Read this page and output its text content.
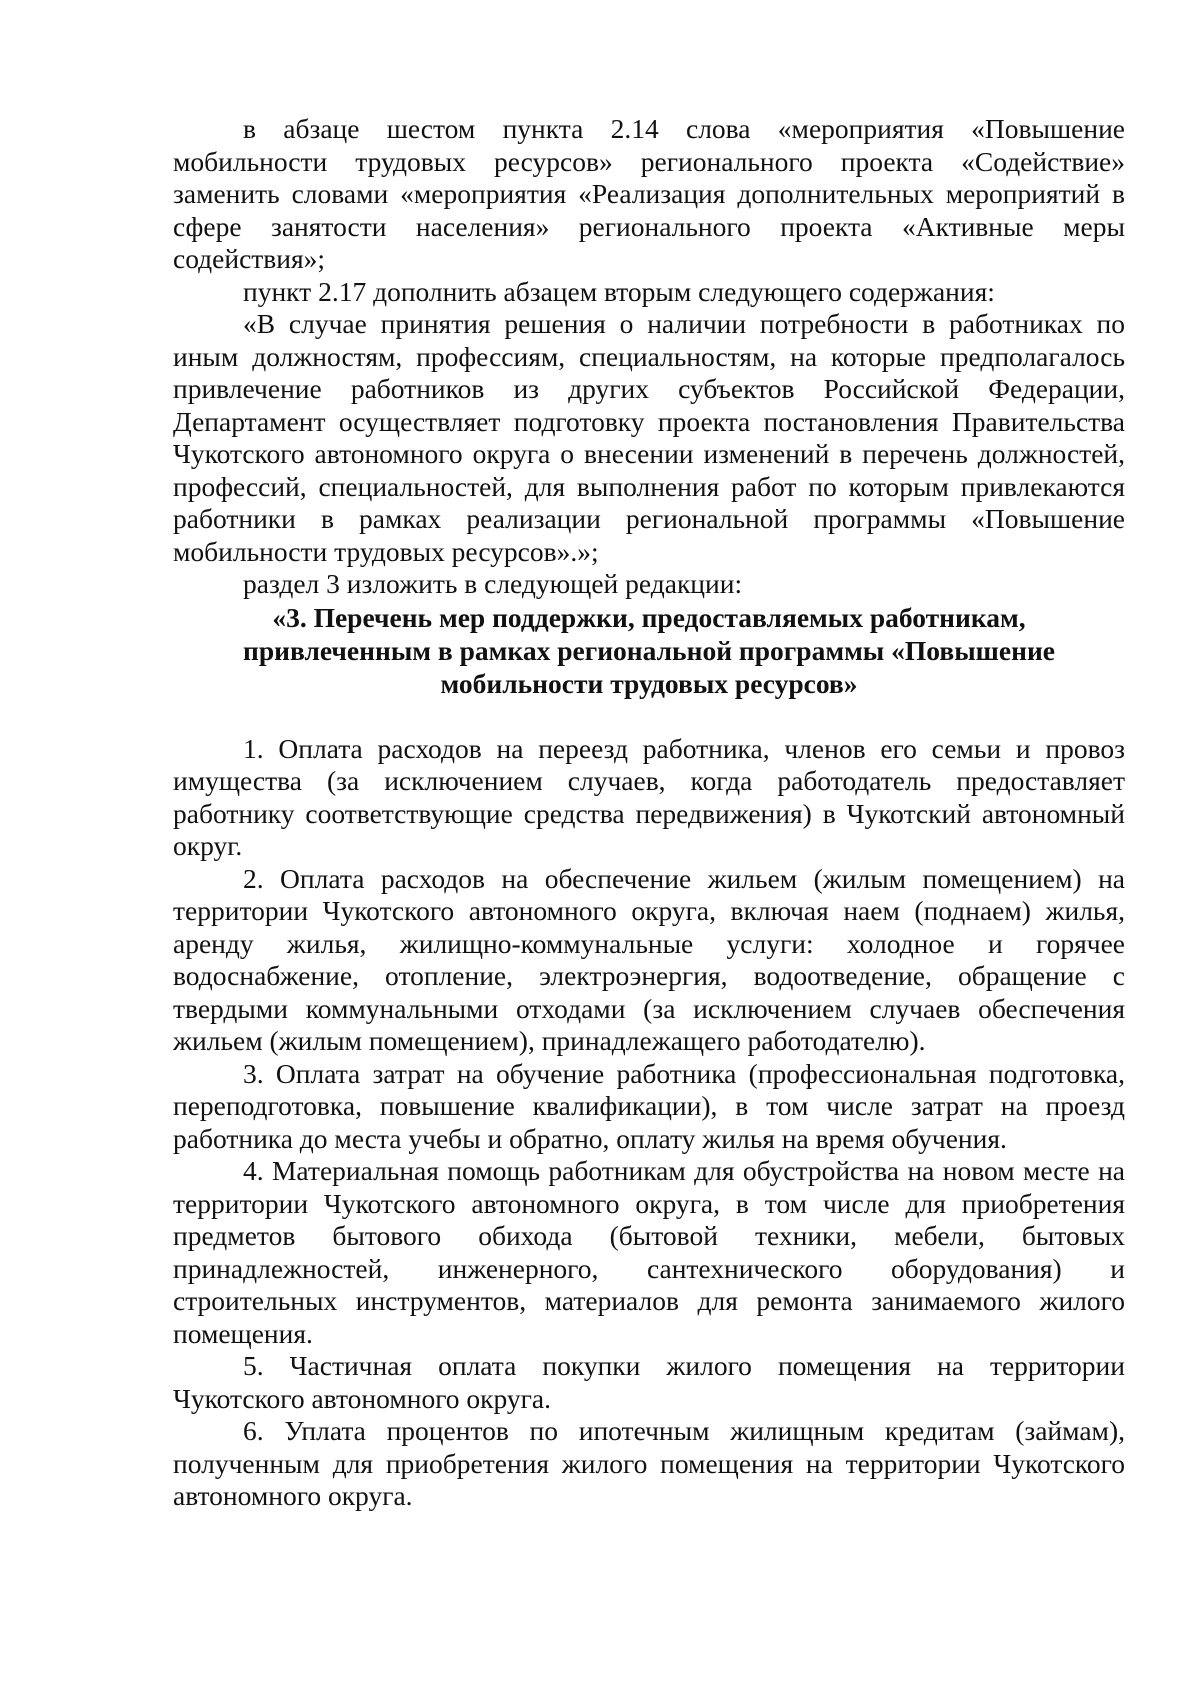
в абзаце шестом пункта 2.14 слова «мероприятия «Повышение мобильности трудовых ресурсов» регионального проекта «Содействие» заменить словами «мероприятия «Реализация дополнительных мероприятий в сфере занятости населения» регионального проекта «Активные меры содействия»;

пункт 2.17 дополнить абзацем вторым следующего содержания:

«В случае принятия решения о наличии потребности в работниках по иным должностям, профессиям, специальностям, на которые предполагалось привлечение работников из других субъектов Российской Федерации, Департамент осуществляет подготовку проекта постановления Правительства Чукотского автономного округа о внесении изменений в перечень должностей, профессий, специальностей, для выполнения работ по которым привлекаются работники в рамках реализации региональной программы «Повышение мобильности трудовых ресурсов».»;

раздел 3 изложить в следующей редакции:

«3. Перечень мер поддержки, предоставляемых работникам,

привлеченным в рамках региональной программы «Повышение

мобильности трудовых ресурсов»

1. Оплата расходов на переезд работника, членов его семьи и провоз имущества (за исключением случаев, когда работодатель предоставляет работнику соответствующие средства передвижения) в Чукотский автономный округ.

2. Оплата расходов на обеспечение жильем (жилым помещением) на территории Чукотского автономного округа, включая наем (поднаем) жилья, аренду жилья, жилищно-коммунальные услуги: холодное и горячее водоснабжение, отопление, электроэнергия, водоотведение, обращение с твердыми коммунальными отходами (за исключением случаев обеспечения жильем (жилым помещением), принадлежащего работодателю).

3. Оплата затрат на обучение работника (профессиональная подготовка, переподготовка, повышение квалификации), в том числе затрат на проезд работника до места учебы и обратно, оплату жилья на время обучения.

4. Материальная помощь работникам для обустройства на новом месте на территории Чукотского автономного округа, в том числе для приобретения предметов бытового обихода (бытовой техники, мебели, бытовых принадлежностей, инженерного, сантехнического оборудования) и строительных инструментов, материалов для ремонта занимаемого жилого помещения.

5. Частичная оплата покупки жилого помещения на территории Чукотского автономного округа.

6. Уплата процентов по ипотечным жилищным кредитам (займам), полученным для приобретения жилого помещения на территории Чукотского автономного округа.
